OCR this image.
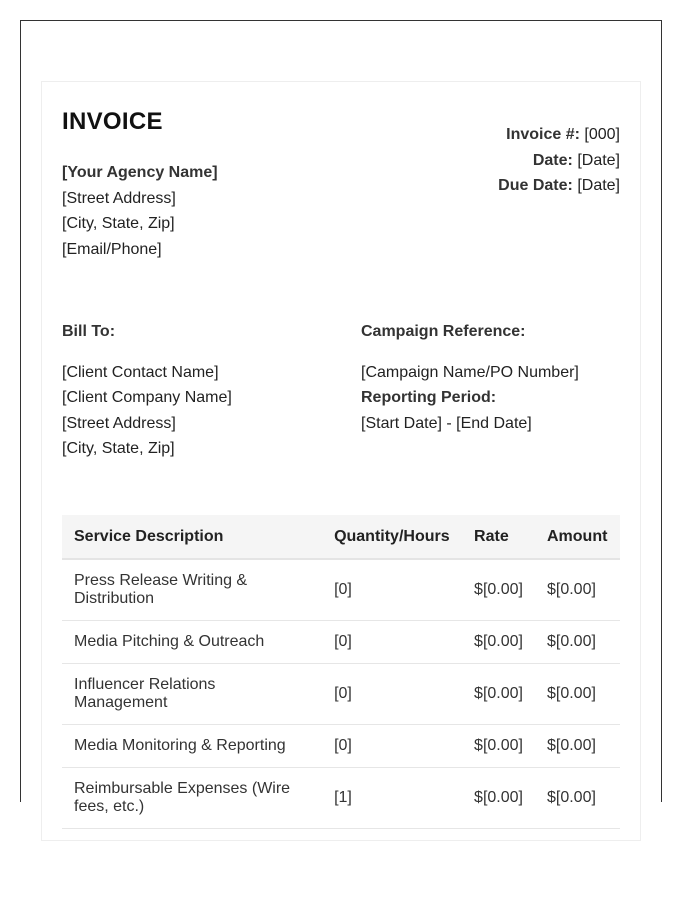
INVOICE
[Your Agency Name]
[Street Address]
[City, State, Zip]
[Email/Phone]
Invoice #: [000]
Date: [Date]
Due Date: [Date]
Bill To:
[Client Contact Name]
[Client Company Name]
[Street Address]
[City, State, Zip]
Campaign Reference:
[Campaign Name/PO Number]
Reporting Period:
[Start Date] - [End Date]
Service Description	Quantity/Hours	Rate	Amount
Press Release Writing & Distribution	[0]	$[0.00]	$[0.00]
Media Pitching & Outreach	[0]	$[0.00]	$[0.00]
Influencer Relations Management	[0]	$[0.00]	$[0.00]
Media Monitoring & Reporting	[0]	$[0.00]	$[0.00]
Reimbursable Expenses (Wire fees, etc.)	[1]	$[0.00]	$[0.00]
